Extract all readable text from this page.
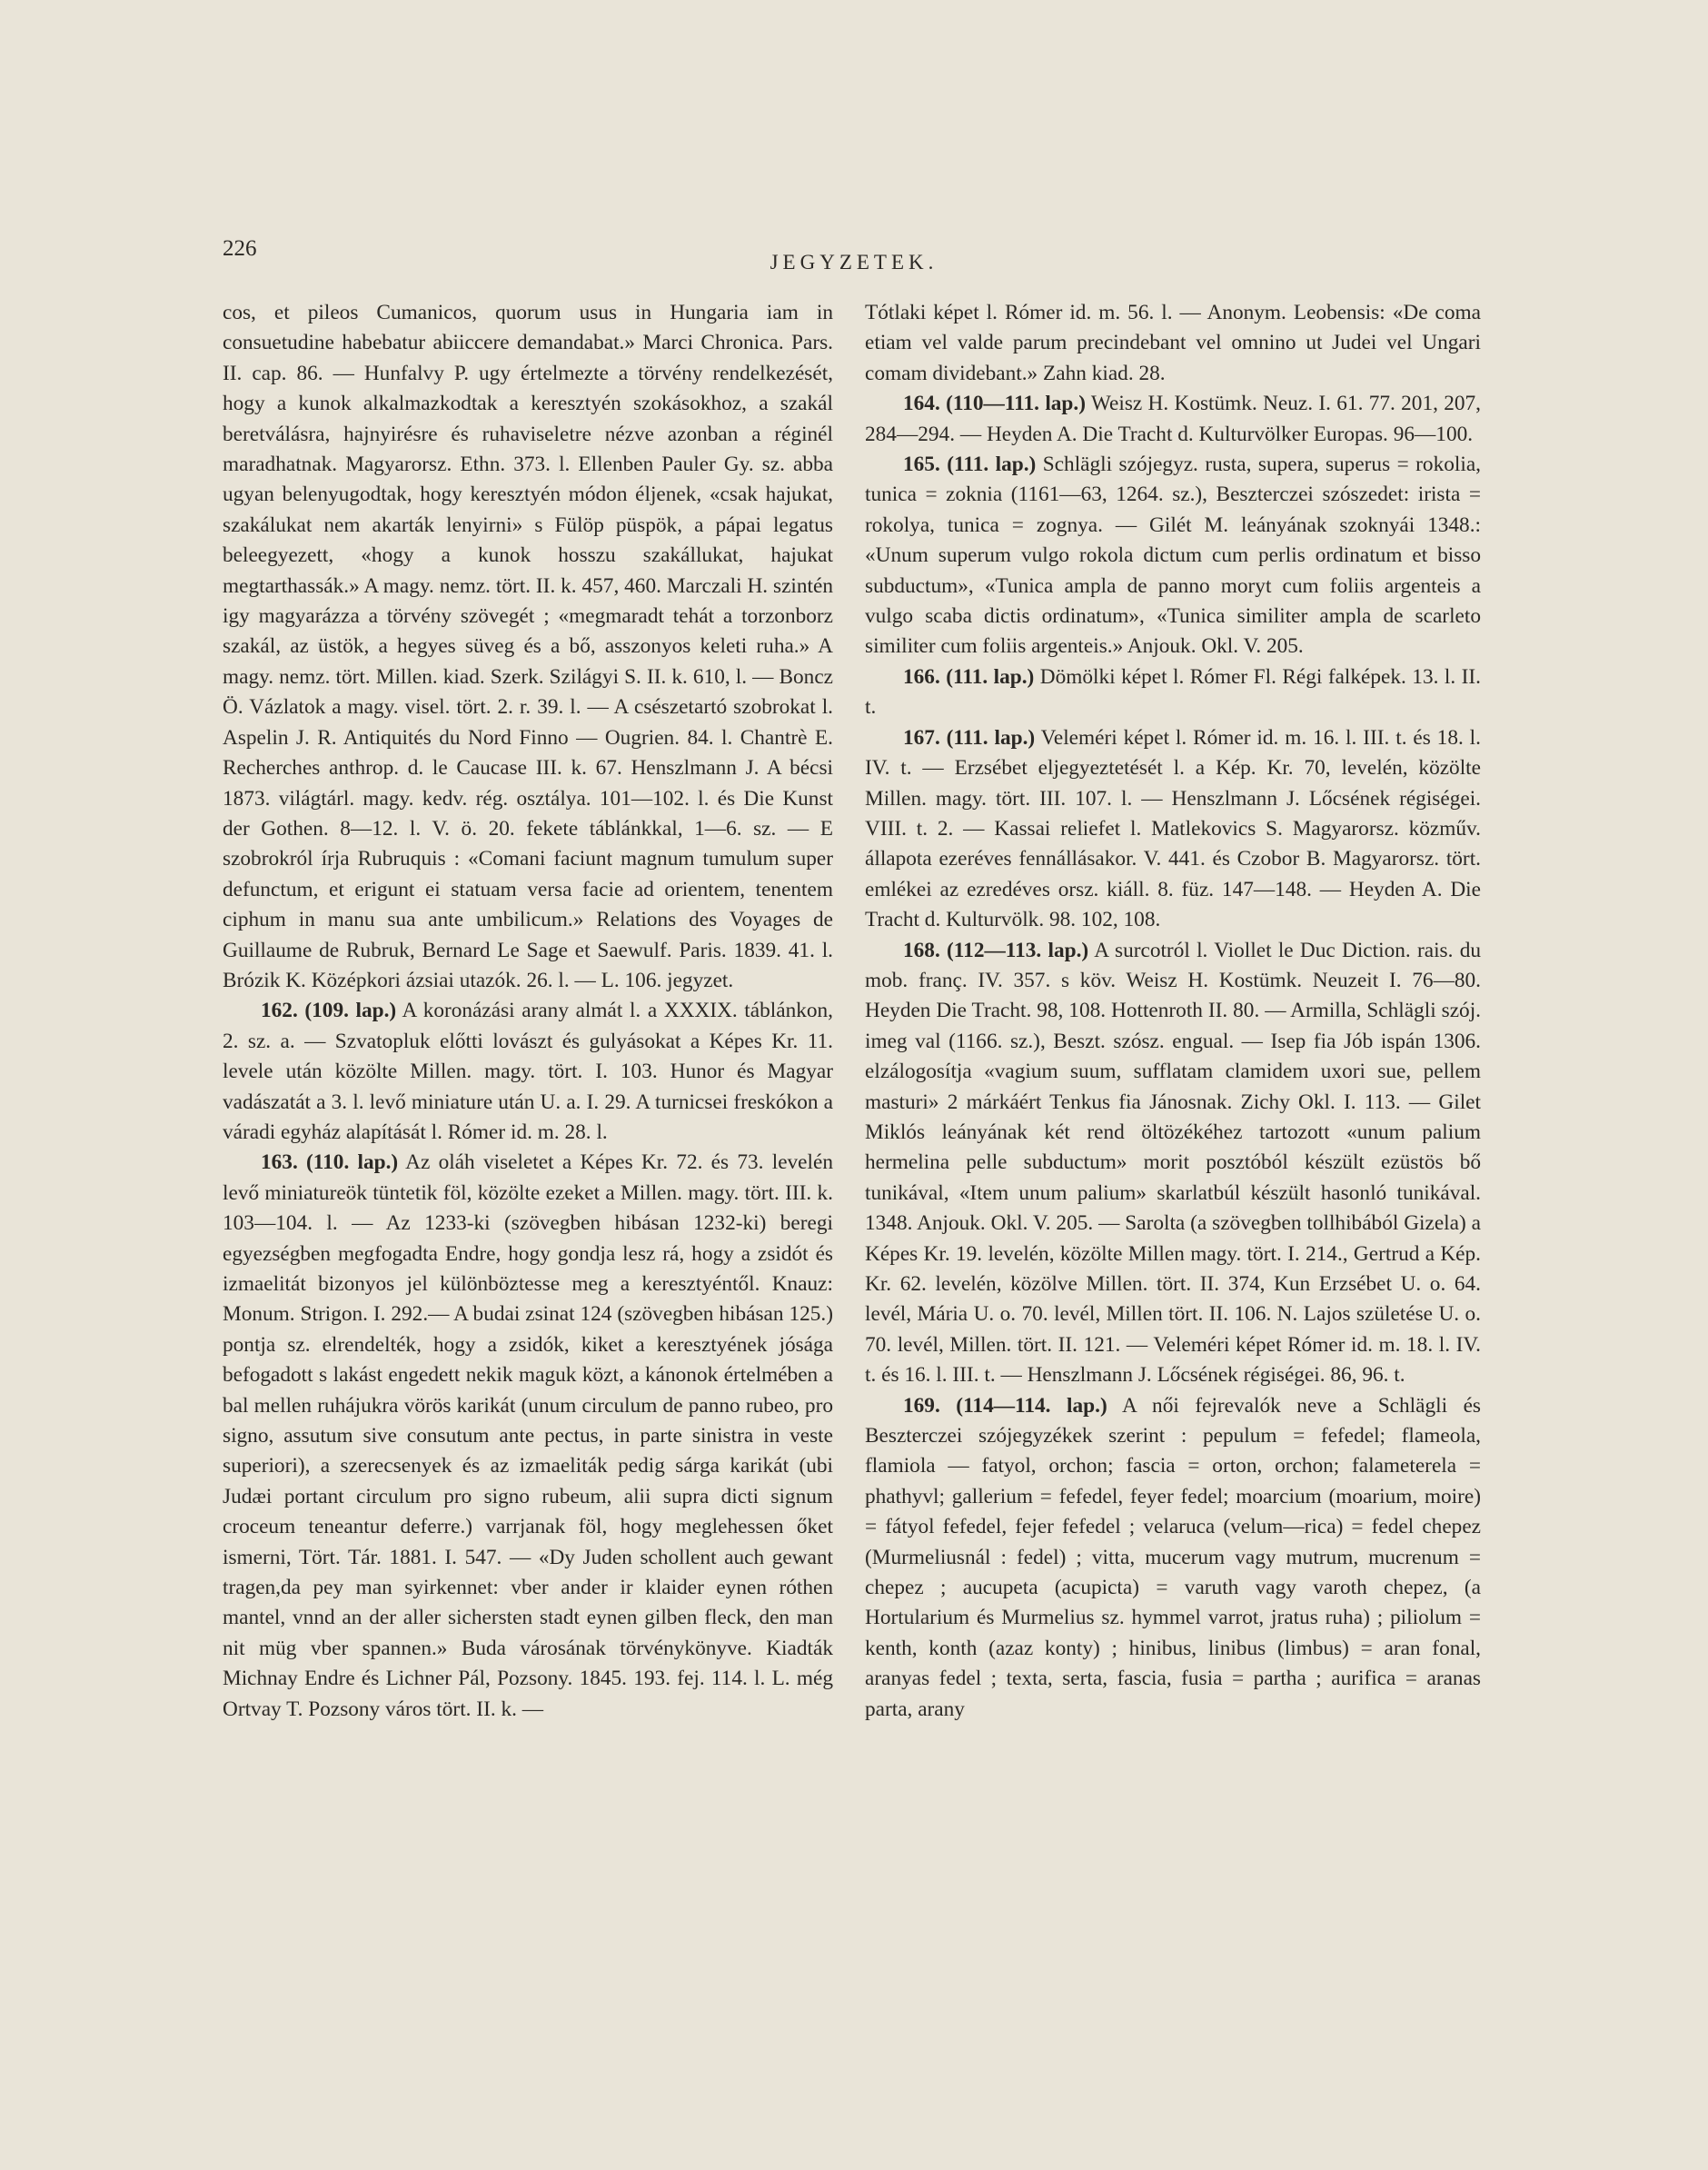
226
JEGYZETEK.

cos, et pileos Cumanicos, quorum usus in Hungaria iam in consuetudine habebatur abiiccere demandabat.» Marci Chronica. Pars. II. cap. 86. — Hunfalvy P. ugy értelmezte a törvény rendelkezését, hogy a kunok alkalmazkodtak a keresztyén szokásokhoz, a szakál beretválásra, hajnyirésre és ruhaviseletre nézve azonban a réginél maradhatnak. Magyarorsz. Ethn. 373. l. Ellenben Pauler Gy. sz. abba ugyan belenyugodtak, hogy keresztyén módon éljenek, «csak hajukat, szakálukat nem akarták lenyirni» s Fülöp püspök, a pápai legatus beleegyezett, «hogy a kunok hosszu szakállukat, hajukat megtarthassák.» A magy. nemz. tört. II. k. 457, 460. Marczali H. szintén igy magyarázza a törvény szövegét ; «megmaradt tehát a torzonborz szakál, az üstök, a hegyes süveg és a bő, asszonyos keleti ruha.» A magy. nemz. tört. Millen. kiad. Szerk. Szilágyi S. II. k. 610, l. — Boncz Ö. Vázlatok a magy. visel. tört. 2. r. 39. l. — A csészetartó szobrokat l. Aspelin J. R. Antiquités du Nord Finno — Ougrien. 84. l. Chantrè E. Recherches anthrop. d. le Caucase III. k. 67. Henszlmann J. A bécsi 1873. világtárl. magy. kedv. rég. osztálya. 101—102. l. és Die Kunst der Gothen. 8—12. l. V. ö. 20. fekete táblánkkal, 1—6. sz. — E szobrokról írja Rubruquis : «Comani faciunt magnum tumulum super defunctum, et erigunt ei statuam versa facie ad orientem, tenentem ciphum in manu sua ante umbilicum.» Relations des Voyages de Guillaume de Rubruk, Bernard Le Sage et Saewulf. Paris. 1839. 41. l. Brózik K. Középkori ázsiai utazók. 26. l. — L. 106. jegyzet.

162. (109. lap.) A koronázási arany almát l. a XXXIX. táblánkon, 2. sz. a. — Szvatopluk előtti lovászt és gulyásokat a Képes Kr. 11. levele után közölte Millen. magy. tört. I. 103. Hunor és Magyar vadászatát a 3. l. levő miniature után U. a. I. 29. A turnicsei freskókon a váradi egyház alapítását l. Rómer id. m. 28. l.

163. (110. lap.) Az oláh viseletet a Képes Kr. 72. és 73. levelén levő miniatureök tüntetik föl, közölte ezeket a Millen. magy. tört. III. k. 103—104. l. — Az 1233-ki (szövegben hibásan 1232-ki) beregi egyezségben megfogadta Endre, hogy gondja lesz rá, hogy a zsidót és izmaelitát bizonyos jel különböztesse meg a keresztyéntől. Knauz: Monum. Strigon. I. 292.— A budai zsinat 124 (szövegben hibásan 125.) pontja sz. elrendelték, hogy a zsidók, kiket a keresztyének jósága befogadott s lakást engedett nekik maguk közt, a kánonok értelmében a bal mellen ruhájukra vörös karikát (unum circulum de panno rubeo, pro signo, assutum sive consutum ante pectus, in parte sinistra in veste superiori), a szerecsenyek és az izmaeliták pedig sárga karikát (ubi Judæi portant circulum pro signo rubeum, alii supra dicti signum croceum teneantur deferre.) varrjanak föl, hogy meglehessen őket ismerni, Tört. Tár. 1881. I. 547. — «Dy Juden schollent auch gewant tragen,da pey man syirkennet: vber ander ir klaider eynen róthen mantel, vnnd an der aller sichersten stadt eynen gilben fleck, den man nit müg vber spannen.» Buda városának törvénykönyve. Kiadták Michnay Endre és Lichner Pál, Pozsony. 1845. 193. fej. 114. l. L. még Ortvay T. Pozsony város tört. II. k. —

Tótlaki képet l. Rómer id. m. 56. l. — Anonym. Leobensis: «De coma etiam vel valde parum precindebant vel omnino ut Judei vel Ungari comam dividebant.» Zahn kiad. 28.

164. (110—111. lap.) Weisz H. Kostümk. Neuz. I. 61. 77. 201, 207, 284—294. — Heyden A. Die Tracht d. Kulturvölker Europas. 96—100.

165. (111. lap.) Schlägli szójegyz. rusta, supera, superus = rokolia, tunica = zoknia (1161—63, 1264. sz.), Beszterczei szószedet: irista = rokolya, tunica = zognya. — Gilét M. leányának szoknyái 1348.: «Unum superum vulgo rokola dictum cum perlis ordinatum et bisso subductum», «Tunica ampla de panno moryt cum foliis argenteis a vulgo scaba dictis ordinatum», «Tunica similiter ampla de scarleto similiter cum foliis argenteis.» Anjouk. Okl. V. 205.

166. (111. lap.) Dömölki képet l. Rómer Fl. Régi falképek. 13. l. II. t.

167. (111. lap.) Veleméri képet l. Rómer id. m. 16. l. III. t. és 18. l. IV. t. — Erzsébet eljegyeztetését l. a Kép. Kr. 70, levelén, közölte Millen. magy. tört. III. 107. l. — Henszlmann J. Lőcsének régiségei. VIII. t. 2. — Kassai reliefet l. Matlekovics S. Magyarorsz. közműv. állapota ezeréves fennállásakor. V. 441. és Czobor B. Magyarorsz. tört. emlékei az ezredéves orsz. kiáll. 8. füz. 147—148. — Heyden A. Die Tracht d. Kulturvölk. 98. 102, 108.

168. (112—113. lap.) A surcotról l. Viollet le Duc Diction. rais. du mob. franç. IV. 357. s köv. Weisz H. Kostümk. Neuzeit I. 76—80. Heyden Die Tracht. 98, 108. Hottenroth II. 80. — Armilla, Schlägli szój. imeg val (1166. sz.), Beszt. szósz. engual. — Isep fia Jób ispán 1306. elzálogosítja «vagium suum, sufflatam clamidem uxori sue, pellem masturi» 2 márkáért Tenkus fia Jánosnak. Zichy Okl. I. 113. — Gilet Miklós leányának két rend öltözékéhez tartozott «unum palium hermelina pelle subductum» morit posztóból készült ezüstös bő tunikával, «Item unum palium» skarlatbúl készült hasonló tunikával. 1348. Anjouk. Okl. V. 205. — Sarolta (a szövegben tollhibából Gizela) a Képes Kr. 19. levelén, közölte Millen magy. tört. I. 214., Gertrud a Kép. Kr. 62. levelén, közölve Millen. tört. II. 374, Kun Erzsébet U. o. 64. levél, Mária U. o. 70. levél, Millen tört. II. 106. N. Lajos születése U. o. 70. levél, Millen. tört. II. 121. — Veleméri képet Rómer id. m. 18. l. IV. t. és 16. l. III. t. — Henszlmann J. Lőcsének régiségei. 86, 96. t.

169. (114—114. lap.) A női fejrevalók neve a Schlägli és Beszterczei szójegyzékek szerint : pepulum = fefedel; flameola, flamiola — fatyol, orchon; fascia = orton, orchon; falameterela = phathyvl; gallerium = fefedel, feyer fedel; moarcium (moarium, moire) = fátyol fefedel, fejer fefedel ; velaruca (velum—rica) = fedel chepez (Murmeliusnál : fedel) ; vitta, mucerum vagy mutrum, mucrenum = chepez ; aucupeta (acupicta) = varuth vagy varoth chepez, (a Hortularium és Murmelius sz. hymmel varrot, jratus ruha) ; piliolum = kenth, konth (azaz konty) ; hinibus, linibus (limbus) = aran fonal, aranyas fedel ; texta, serta, fascia, fusia = partha ; aurifica = aranas parta, arany
